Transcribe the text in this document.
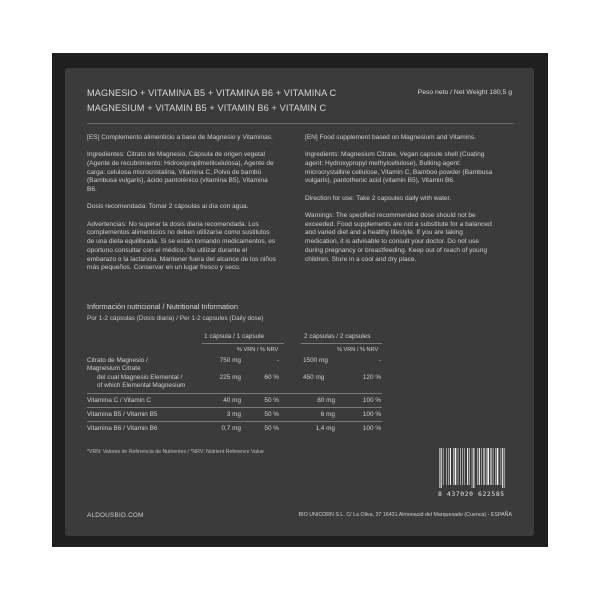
MAGNESIO + VITAMINA B5 + VITAMINA B6 + VITAMINA C
MAGNESIUM + VITAMIN B5 + VITAMIN B6 + VITAMIN C
Peso neto / Net Weight 180,5 g

[ES] Complemento alimenticio a base de Magnesio y Vitaminas.

Ingredientes: Citrato de Magnesio, Cápsula de origen vegetal
(Agente de recubrimiento: Hidroxipropilmetilcelulosa), Agente de
carga: celulosa microcristalina, Vitamina C, Polvo de bambú
(Bambusa vulgaris), ácido pantoténico (vitamina B5), Vitamina
B6.

Dosis recomendada: Tomar 2 cápsulas al día con agua.

Advertencias: No superar la dosis diaria recomendada. Los
complementos alimenticios no deben utilizarse como sustitutos
de una dieta equilibrada. Si se están tomando medicamentos, es
oportuno consultar con el médico. No utilizar durante el
embarazo o la lactancia. Mantener fuera del alcance de los niños
más pequeños. Conservar en un lugar fresco y seco.

[EN] Food supplement based on Magnesium and Vitamins.

Ingredients: Magnesium Citrate, Vegan capsule shell (Coating
agent: Hydroxypropyl methylcellulose), Bulking agent:
microcrystalline cellulose, Vitamin C, Bamboo powder (Bambusa
vulgaris), pantothenic acid (vitamin B5), Vitamin B6.

Direction for use: Take 2 capsules daily with water.

Warnings: The specified recommended dose should not be
exceeded. Food supplements are not a substitute for a balanced
and varied diet and a healthy lifestyle. If you are taking
medication, it is advisable to consult your doctor. Do not use
during pregnancy or breastfeeding. Keep out of reach of young
children. Store in a cool and dry place.

Información nutricional / Nutritional Information
Por 1-2 cápsulas (Dosis diaria) / Per 1-2 capsules (Daily dose)
1 cápsula / 1 capsule	2 cápsulas / 2 capsules
% VRN / % NRV	% VRN / % NRV
Citrato de Magnesio /
Magnesium Citrate
750 mg	-	1500 mg	-
del cual Magnesio Elemental /
of which Elemental Magnesium
225 mg	60 %	450 mg	120 %
Vitamina C / Vitamin C	40 mg	50 %	80 mg	100 %
Vitamina B5 / Vitamin B5	3 mg	50 %	6 mg	100 %
Vitamina B6 / Vitamin B6	0,7 mg	50 %	1,4 mg	100 %
*VRN: Valores de Referencia de Nutrientes / *NRV: Nutrient Reference Value
8 437020 622585
ALDOUSBIO.COM	BIO UNICORN S.L. C/ La Oliva, 37 16431 Almonacid del Marquesado (Cuenca) - ESPAÑA
